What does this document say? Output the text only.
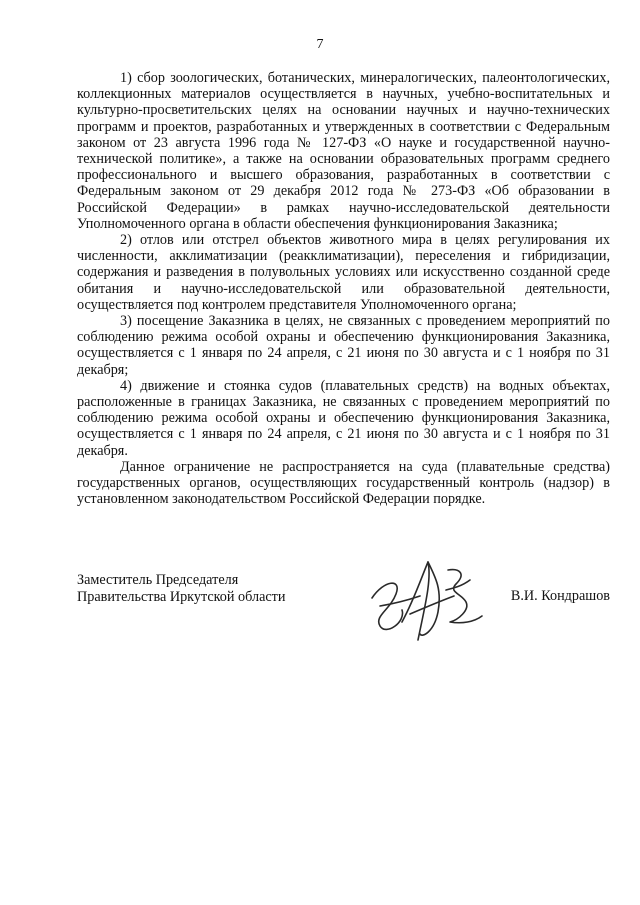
7

1) сбор зоологических, ботанических, минералогических, палеонтологических, коллекционных материалов осуществляется в научных, учебно-воспитательных и культурно-просветительских целях на основании научных и научно-технических программ и проектов, разработанных и утвержденных в соответствии с Федеральным законом от 23 августа 1996 года № 127-ФЗ «О науке и государственной научно-технической политике», а также на основании образовательных программ среднего профессионального и высшего образования, разработанных в соответствии с Федеральным законом от 29 декабря 2012 года № 273-ФЗ «Об образовании в Российской Федерации» в рамках научно-исследовательской деятельности Уполномоченного органа в области обеспечения функционирования Заказника;

2) отлов или отстрел объектов животного мира в целях регулирования их численности, акклиматизации (реакклиматизации), переселения и гибридизации, содержания и разведения в полувольных условиях или искусственно созданной среде обитания и научно-исследовательской или образовательной деятельности, осуществляется под контролем представителя Уполномоченного органа;

3) посещение Заказника в целях, не связанных с проведением мероприятий по соблюдению режима особой охраны и обеспечению функционирования Заказника, осуществляется с 1 января по 24 апреля, с 21 июня по 30 августа и с 1 ноября по 31 декабря;

4) движение и стоянка судов (плавательных средств) на водных объектах, расположенные в границах Заказника, не связанных с проведением мероприятий по соблюдению режима особой охраны и обеспечению функционирования Заказника, осуществляется с 1 января по 24 апреля, с 21 июня по 30 августа и с 1 ноября по 31 декабря.

Данное ограничение не распространяется на суда (плавательные средства) государственных органов, осуществляющих государственный контроль (надзор) в установленном законодательством Российской Федерации порядке.

Заместитель Председателя
Правительства Иркутской области	В.И. Кондрашов
